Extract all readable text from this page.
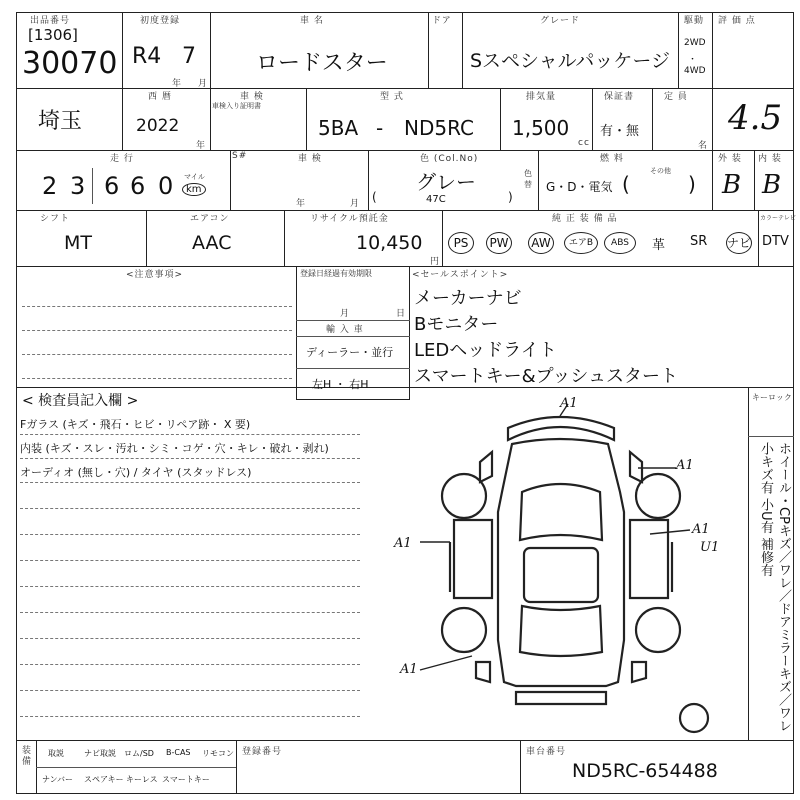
出品番号
[1306]
30070
初度登録
R4 7
年 月
車 名
ロードスター
ドア	グレード
Sスペシャルパッケージ
駆動
2WD
・
4WD
評 価 点
埼玉
西 暦
2022
年
車 検
車検入り証明書
型 式
5BA - ND5RC
排気量
1,500
cc
保証書
有・無
定 員
名
4.5
走 行
2 3 6 6 0 マイル
km
S#	車 検
年	月
色 (Col.No)
グレー
(	47C	)
色替
燃 料
G・D・電気
その他
(	)
外 装
B
内 装
B
シフト
MT
エアコン
AAC
リサイクル預託金
10,450
円
純 正 装 備 品	カラーテレビ
PS	PW AW	エアB	ABS	革 SR ナビ DTV
<注意事項>	登録日経過有効期限
月	日
輸 入 車
ディーラー・並行
左H ・ 右H
<セールスポイント>
メーカーナビ
Bモニター
LEDヘッドライト
スマートキー&プッシュスタート
< 検査員記入欄 >
Fガラス (キズ・飛石・ヒビ・リペア跡・ X 要)
内装 (キズ・スレ・汚れ・シミ・コゲ・穴・キレ・破れ・剥れ)
オーディオ (無し・穴) / タイヤ (スタッドレス)
キーロック
ホイール・CPキズ／ワレ／ドアミラーキズ／ワレ 小キズ有 小U有 補修有
A1
A1
A1
A1	U1
A1
装備
取説	ナビ取説 ロム/SD B-CAS リモコン
ナンバー スペアキー キーレス スマートキー
登録番号	車台番号
ND5RC-654488
